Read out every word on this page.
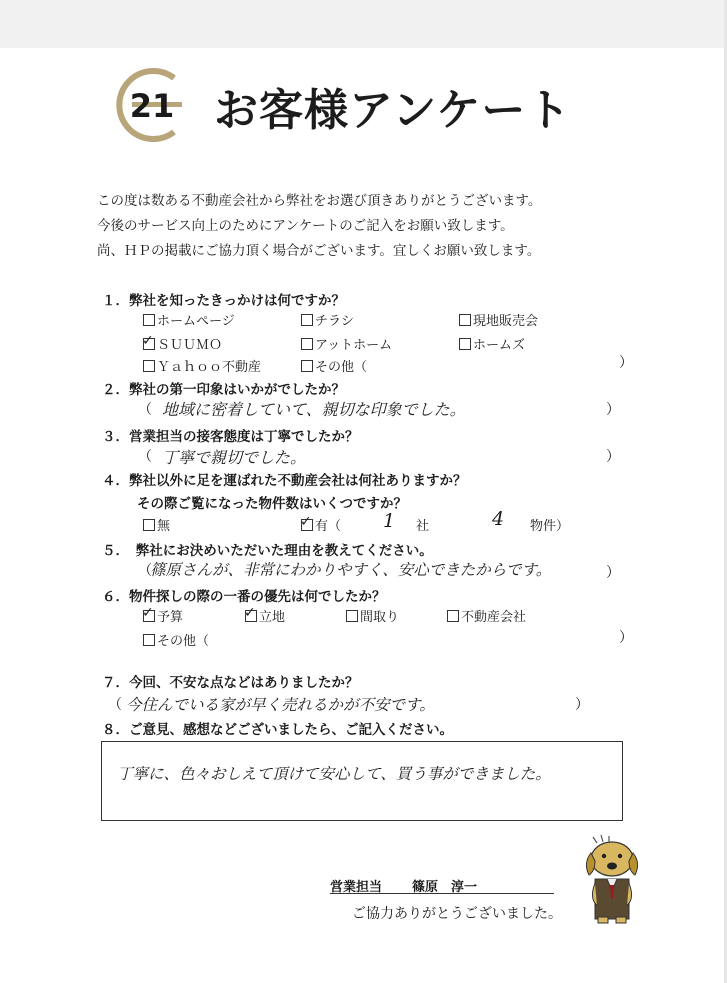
21 お客様アンケート
この度は数ある不動産会社から弊社をお選び頂きありがとうございます。
今後のサービス向上のためにアンケートのご記入をお願い致します。
尚、ＨＰの掲載にご協力頂く場合がございます。宜しくお願い致します。
１．弊社を知ったきっかけは何ですか？
ホームページ	チラシ	現地販売会
✓ ＳＵＵＭＯ	アットホーム	ホームズ
Ｙａｈｏｏ不動産	その他（	）
２．弊社の第一印象はいかがでしたか？
（ 地域に密着していて、親切な印象でした。	）
３．営業担当の接客態度は丁寧でしたか？
（ 丁寧で親切でした。	）
４．弊社以外に足を運ばれた不動産会社は何社ありますか？
その際ご覧になった物件数はいくつですか？
無	✓ 有（ 1 社	4 物件）
５．　弊社にお決めいただいた理由を教えてください。
（
篠原さんが、非常にわかりやすく、安心できたからです。	）
６．物件探しの際の一番の優先は何でしたか？
✓ 予算	✓ 立地	間取り	不動産会社
その他（	）
７．今回、不安な点などはありましたか？
（ 今住んでいる家が早く売れるかが不安です。	）
８．ご意見、感想などございましたら、ご記入ください。
丁寧に、色々おしえて頂けて安心して、買う事ができました。
営業担当 篠原　淳一
ご協力ありがとうございました。
